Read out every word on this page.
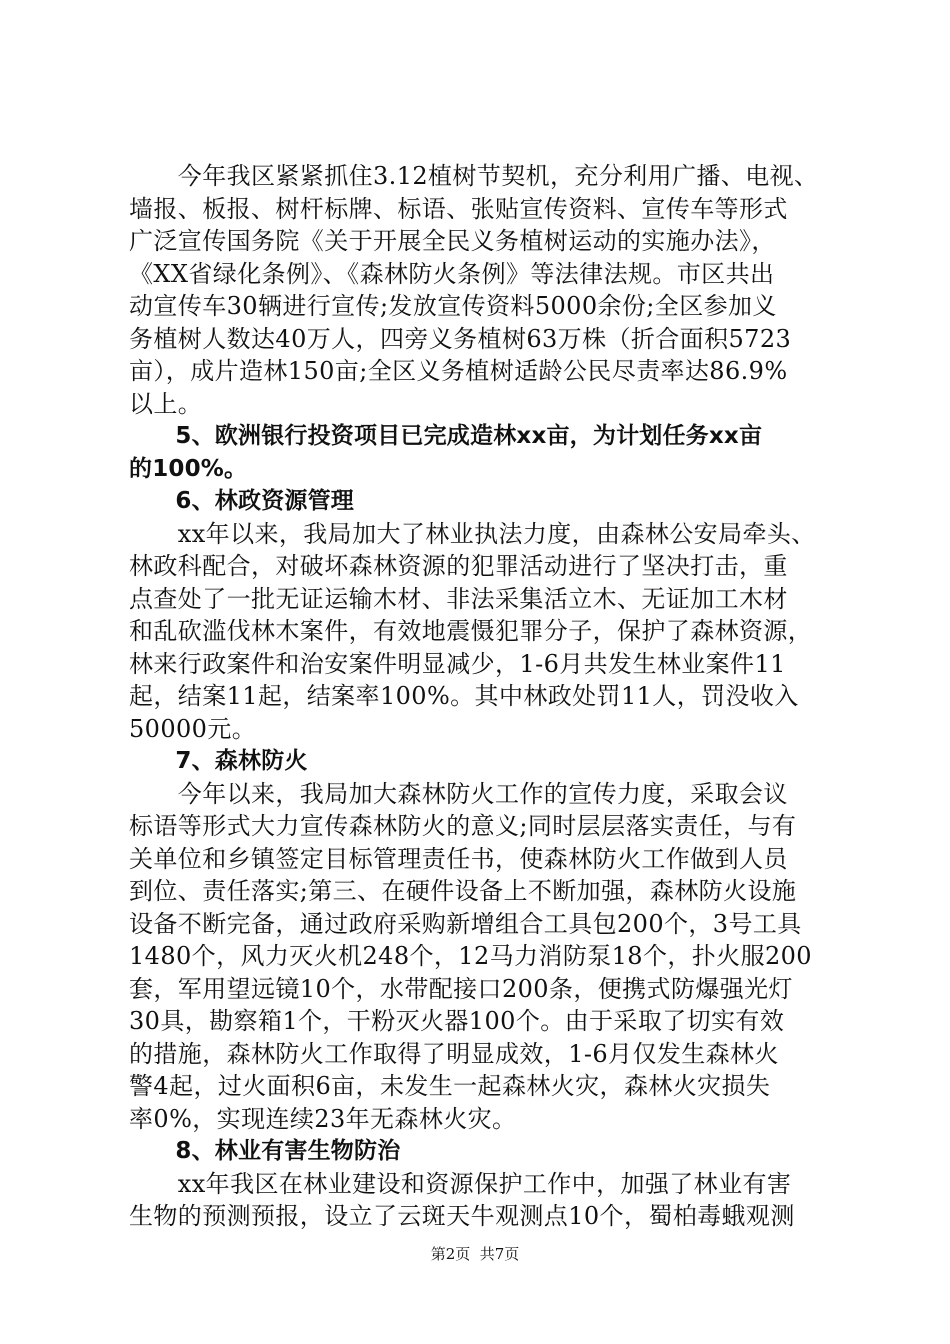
　　今年我区紧紧抓住3.12植树节契机，充分利用广播、电视、
墙报、板报、树杆标牌、标语、张贴宣传资料、宣传车等形式
广泛宣传国务院《关于开展全民义务植树运动的实施办法》，
《XX省绿化条例》、《森林防火条例》等法律法规。市区共出
动宣传车30辆进行宣传;发放宣传资料5000余份;全区参加义
务植树人数达40万人，四旁义务植树63万株（折合面积5723
亩），成片造林150亩;全区义务植树适龄公民尽责率达86.9%
以上。
　　5、欧洲银行投资项目已完成造林xx亩，为计划任务xx亩
的100%。
　　6、林政资源管理
　　xx年以来，我局加大了林业执法力度，由森林公安局牵头、
林政科配合，对破坏森林资源的犯罪活动进行了坚决打击，重
点查处了一批无证运输木材、非法采集活立木、无证加工木材
和乱砍滥伐林木案件，有效地震慑犯罪分子，保护了森林资源，
林来行政案件和治安案件明显减少，1-6月共发生林业案件11
起，结案11起，结案率100%。其中林政处罚11人，罚没收入
50000元。
　　7、森林防火
　　今年以来，我局加大森林防火工作的宣传力度，采取会议
标语等形式大力宣传森林防火的意义;同时层层落实责任，与有
关单位和乡镇签定目标管理责任书，使森林防火工作做到人员
到位、责任落实;第三、在硬件设备上不断加强，森林防火设施
设备不断完备，通过政府采购新增组合工具包200个，3号工具
1480个，风力灭火机248个，12马力消防泵18个，扑火服200
套，军用望远镜10个，水带配接口200条，便携式防爆强光灯
30具，勘察箱1个，干粉灭火器100个。由于采取了切实有效
的措施，森林防火工作取得了明显成效，1-6月仅发生森林火
警4起，过火面积6亩，未发生一起森林火灾，森林火灾损失
率0%，实现连续23年无森林火灾。
　　8、林业有害生物防治
　　xx年我区在林业建设和资源保护工作中，加强了林业有害
生物的预测预报，设立了云斑天牛观测点10个，蜀柏毒蛾观测
第2页  共7页
